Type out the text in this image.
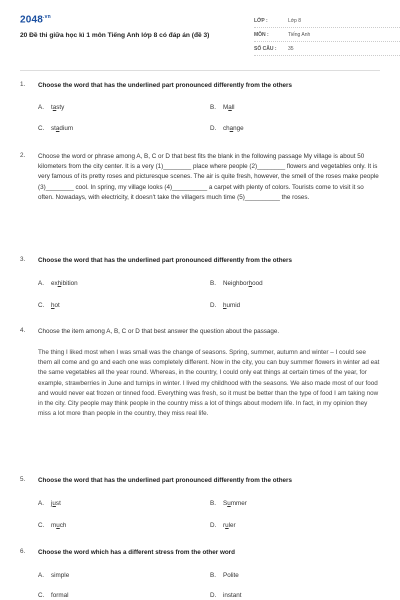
$2048^{.vn}$
20 Đề thi giữa học kì 1 môn Tiếng Anh lớp 8 có đáp án (đề 3)
LỚP :	Lớp 8
MÔN :	Tiếng Anh
SỐ CÂU :	35
1. Choose the word that has the underlined part pronounced differently from the others
A. tasty	B. Mall
C. stadium	D. change
2. Choose the word or phrase among A, B, C or D that best fits the blank in the following passage My village is about 50 kilometers from the city center. It is a very (1)________ place where people (2)________ flowers and vegetables only. It is very famous of its pretty roses and picturesque scenes. The air is quite fresh, however, the smell of the roses make people (3)________ cool. In spring, my village looks (4)__________ a carpet with plenty of colors. Tourists come to visit it so often. Nowadays, with electricity, it doesn't take the villagers much time (5)__________ the roses.
3. Choose the word that has the underlined part pronounced differently from the others
A. exhibition	B. Neighborhood
C. hot	D. humid
4. Choose the item among A, B, C or D that best answer the question about the passage.
The thing I liked most when I was small was the change of seasons. Spring, summer, autumn and winter – I could see them all come and go and each one was completely different. Now in the city, you can buy summer flowers in winter ad eat the same vegetables all the year round. Whereas, in the country, I could only eat things at certain times of the year, for example, strawberries in June and turnips in winter. I lived my childhood with the seasons. We also made most of our food and would never eat frozen or tinned food. Everything was fresh, so it must be better than the type of food I am taking now in the city. City people may think people in the country miss a lot of things about modern life. In fact, in my opinion they miss a lot more than people in the country, they miss real life.
5. Choose the word that has the underlined part pronounced differently from the others
A. just	B. Summer
C. much	D. ruler
6. Choose the word which has a different stress from the other word
A. simple	B. Polite
C. formal	D. instant
